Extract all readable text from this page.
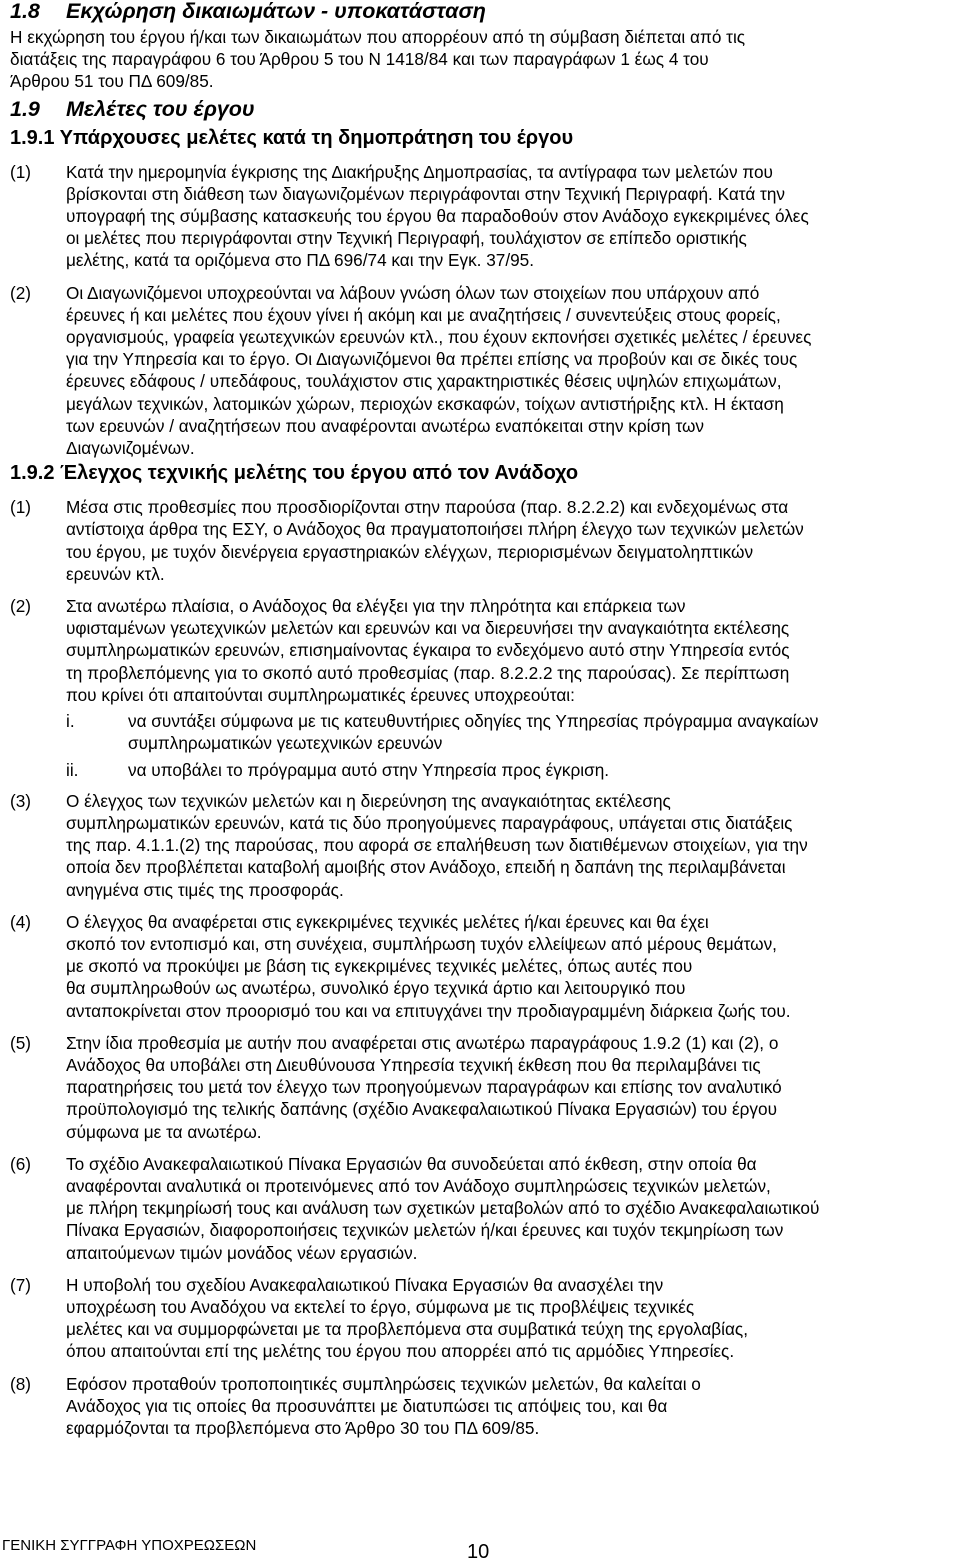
1.8	Εκχώρηση δικαιωμάτων - υποκατάσταση

Η εκχώρηση του έργου ή/και των δικαιωμάτων που απορρέουν από τη σύμβαση διέπεται από τις
διατάξεις της παραγράφου 6 του Άρθρου 5 του Ν 1418/84 και των παραγράφων 1 έως 4 του
Άρθρου 51 του ΠΔ 609/85.

1.9	Μελέτες του έργου
1.9.1 Υπάρχουσες μελέτες κατά τη δημοπράτηση του έργου
(1)	Κατά την ημερομηνία έγκρισης της Διακήρυξης Δημοπρασίας, τα αντίγραφα των μελετών που
βρίσκονται στη διάθεση των διαγωνιζομένων περιγράφονται στην Τεχνική Περιγραφή. Κατά την
υπογραφή της σύμβασης κατασκευής του έργου θα παραδοθούν στον Ανάδοχο εγκεκριμένες όλες
οι μελέτες που περιγράφονται στην Τεχνική Περιγραφή, τουλάχιστον σε επίπεδο οριστικής
μελέτης, κατά τα οριζόμενα στο ΠΔ 696/74 και την Εγκ. 37/95.

(2)	Οι Διαγωνιζόμενοι υποχρεούνται να λάβουν γνώση όλων των στοιχείων που υπάρχουν από
έρευνες ή και μελέτες που έχουν γίνει ή ακόμη και με αναζητήσεις / συνεντεύξεις στους φορείς,
οργανισμούς, γραφεία γεωτεχνικών ερευνών κτλ., που έχουν εκπονήσει σχετικές μελέτες / έρευνες
για την Υπηρεσία και το έργο. Οι Διαγωνιζόμενοι θα πρέπει επίσης να προβούν και σε δικές τους
έρευνες εδάφους / υπεδάφους, τουλάχιστον στις χαρακτηριστικές θέσεις υψηλών επιχωμάτων,
μεγάλων τεχνικών, λατομικών χώρων, περιοχών εκσκαφών, τοίχων αντιστήριξης κτλ. Η έκταση
των ερευνών / αναζητήσεων που αναφέρονται ανωτέρω εναπόκειται στην κρίση των
Διαγωνιζομένων.

1.9.2 Έλεγχος τεχνικής μελέτης του έργου από τον Ανάδοχο
(1)	Μέσα στις προθεσμίες που προσδιορίζονται στην παρούσα (παρ. 8.2.2.2) και ενδεχομένως στα
αντίστοιχα άρθρα της ΕΣΥ, ο Ανάδοχος θα πραγματοποιήσει πλήρη έλεγχο των τεχνικών μελετών
του έργου, με τυχόν διενέργεια εργαστηριακών ελέγχων, περιορισμένων δειγματοληπτικών
ερευνών κτλ.

(2)	Στα ανωτέρω πλαίσια, ο Ανάδοχος θα ελέγξει για την πληρότητα και επάρκεια των
υφισταμένων γεωτεχνικών μελετών και ερευνών και να διερευνήσει την αναγκαιότητα εκτέλεσης
συμπληρωματικών ερευνών, επισημαίνοντας έγκαιρα το ενδεχόμενο αυτό στην Υπηρεσία εντός
τη προβλεπόμενης για το σκοπό αυτό προθεσμίας (παρ. 8.2.2.2 της παρούσας). Σε περίπτωση
που κρίνει ότι απαιτούνται συμπληρωματικές έρευνες υποχρεούται:

i.	να συντάξει σύμφωνα με τις κατευθυντήριες οδηγίες της Υπηρεσίας πρόγραμμα αναγκαίων
συμπληρωματικών γεωτεχνικών ερευνών

ii.	να υποβάλει το πρόγραμμα αυτό στην Υπηρεσία προς έγκριση.

(3)	Ο έλεγχος των τεχνικών μελετών και η διερεύνηση της αναγκαιότητας εκτέλεσης
συμπληρωματικών ερευνών, κατά τις δύο προηγούμενες παραγράφους, υπάγεται στις διατάξεις
της παρ. 4.1.1.(2) της παρούσας, που αφορά σε επαλήθευση των διατιθέμενων στοιχείων, για την
οποία δεν προβλέπεται καταβολή αμοιβής στον Ανάδοχο, επειδή η δαπάνη της περιλαμβάνεται
ανηγμένα στις τιμές της προσφοράς.

(4)	Ο έλεγχος θα αναφέρεται στις εγκεκριμένες τεχνικές μελέτες ή/και έρευνες και θα έχει
σκοπό τον εντοπισμό και, στη συνέχεια, συμπλήρωση τυχόν ελλείψεων από μέρους θεμάτων,
με σκοπό να προκύψει με βάση τις εγκεκριμένες τεχνικές μελέτες, όπως αυτές που
θα συμπληρωθούν ως ανωτέρω, συνολικό έργο τεχνικά άρτιο και λειτουργικό που
ανταποκρίνεται στον προορισμό του και να επιτυγχάνει την προδιαγραμμένη διάρκεια ζωής του.

(5)	Στην ίδια προθεσμία με αυτήν που αναφέρεται στις ανωτέρω παραγράφους 1.9.2 (1) και (2), ο
Ανάδοχος θα υποβάλει στη Διευθύνουσα Υπηρεσία τεχνική έκθεση που θα περιλαμβάνει τις
παρατηρήσεις του μετά τον έλεγχο των προηγούμενων παραγράφων και επίσης τον αναλυτικό
προϋπολογισμό της τελικής δαπάνης (σχέδιο Ανακεφαλαιωτικού Πίνακα Εργασιών) του έργου
σύμφωνα με τα ανωτέρω.

(6)	Το σχέδιο Ανακεφαλαιωτικού Πίνακα Εργασιών θα συνοδεύεται από έκθεση, στην οποία θα
αναφέρονται αναλυτικά οι προτεινόμενες από τον Ανάδοχο συμπληρώσεις τεχνικών μελετών,
με πλήρη τεκμηρίωσή τους και ανάλυση των σχετικών μεταβολών από το σχέδιο Ανακεφαλαιωτικού
Πίνακα Εργασιών, διαφοροποιήσεις τεχνικών μελετών ή/και έρευνες και τυχόν τεκμηρίωση των
απαιτούμενων τιμών μονάδος νέων εργασιών.

(7)	Η υποβολή του σχεδίου Ανακεφαλαιωτικού Πίνακα Εργασιών θα ανασχέλει την
υποχρέωση του Αναδόχου να εκτελεί το έργο, σύμφωνα με τις προβλέψεις τεχνικές
μελέτες και να συμμορφώνεται με τα προβλεπόμενα στα συμβατικά τεύχη της εργολαβίας,
όπου απαιτούνται επί της μελέτης του έργου που απορρέει από τις αρμόδιες Υπηρεσίες.

(8)	Εφόσον προταθούν τροποποιητικές συμπληρώσεις τεχνικών μελετών, θα καλείται ο
Ανάδοχος για τις οποίες θα προσυνάπτει με διατυπώσει τις απόψεις του, και θα
εφαρμόζονται τα προβλεπόμενα στο Άρθρο 30 του ΠΔ 609/85.

ΓΕΝΙΚΗ ΣΥΓΓΡΑΦΗ ΥΠΟΧΡΕΩΣΕΩΝ	10
